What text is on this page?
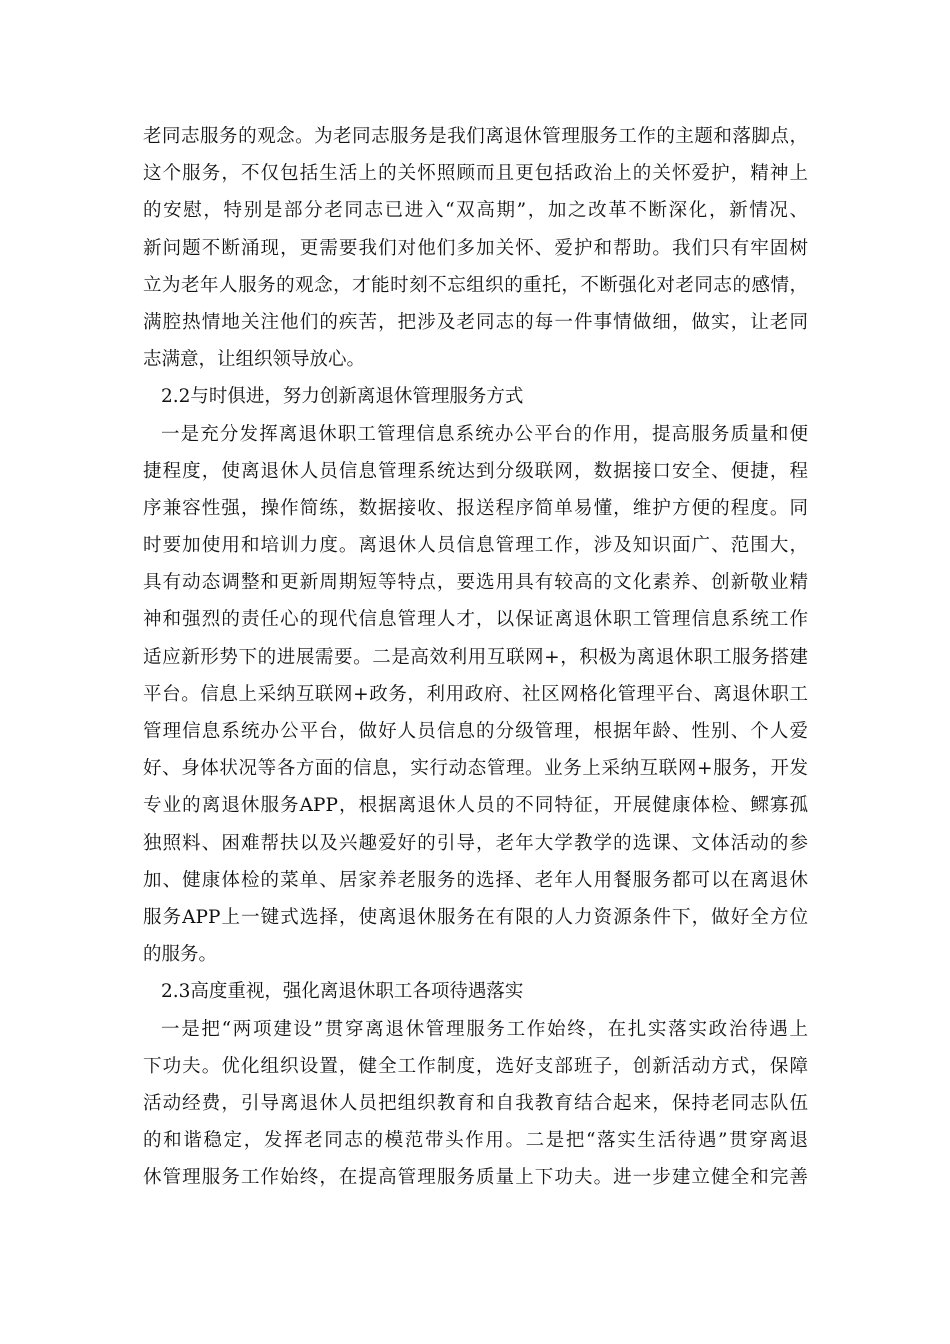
老同志服务的观念。为老同志服务是我们离退休管理服务工作的主题和落脚点，
这个服务，不仅包括生活上的关怀照顾而且更包括政治上的关怀爱护，精神上
的安慰，特别是部分老同志已进入“双高期”，加之改革不断深化，新情况、
新问题不断涌现，更需要我们对他们多加关怀、爱护和帮助。我们只有牢固树
立为老年人服务的观念，才能时刻不忘组织的重托，不断强化对老同志的感情，
满腔热情地关注他们的疾苦，把涉及老同志的每一件事情做细，做实，让老同
志满意，让组织领导放心。
2.2与时俱进，努力创新离退休管理服务方式
一是充分发挥离退休职工管理信息系统办公平台的作用，提高服务质量和便
捷程度，使离退休人员信息管理系统达到分级联网，数据接口安全、便捷，程
序兼容性强，操作简练，数据接收、报送程序简单易懂，维护方便的程度。同
时要加使用和培训力度。离退休人员信息管理工作，涉及知识面广、范围大，
具有动态调整和更新周期短等特点，要选用具有较高的文化素养、创新敬业精
神和强烈的责任心的现代信息管理人才，以保证离退休职工管理信息系统工作
适应新形势下的进展需要。二是高效利用互联网+，积极为离退休职工服务搭建
平台。信息上采纳互联网+政务，利用政府、社区网格化管理平台、离退休职工
管理信息系统办公平台，做好人员信息的分级管理，根据年龄、性别、个人爱
好、身体状况等各方面的信息，实行动态管理。业务上采纳互联网+服务，开发
专业的离退休服务APP，根据离退休人员的不同特征，开展健康体检、鳏寡孤
独照料、困难帮扶以及兴趣爱好的引导，老年大学教学的选课、文体活动的参
加、健康体检的菜单、居家养老服务的选择、老年人用餐服务都可以在离退休
服务APP上一键式选择，使离退休服务在有限的人力资源条件下，做好全方位
的服务。
2.3高度重视，强化离退休职工各项待遇落实
一是把“两项建设”贯穿离退休管理服务工作始终，在扎实落实政治待遇上
下功夫。优化组织设置，健全工作制度，选好支部班子，创新活动方式，保障
活动经费，引导离退休人员把组织教育和自我教育结合起来，保持老同志队伍
的和谐稳定，发挥老同志的模范带头作用。二是把“落实生活待遇”贯穿离退
休管理服务工作始终，在提高管理服务质量上下功夫。进一步建立健全和完善
